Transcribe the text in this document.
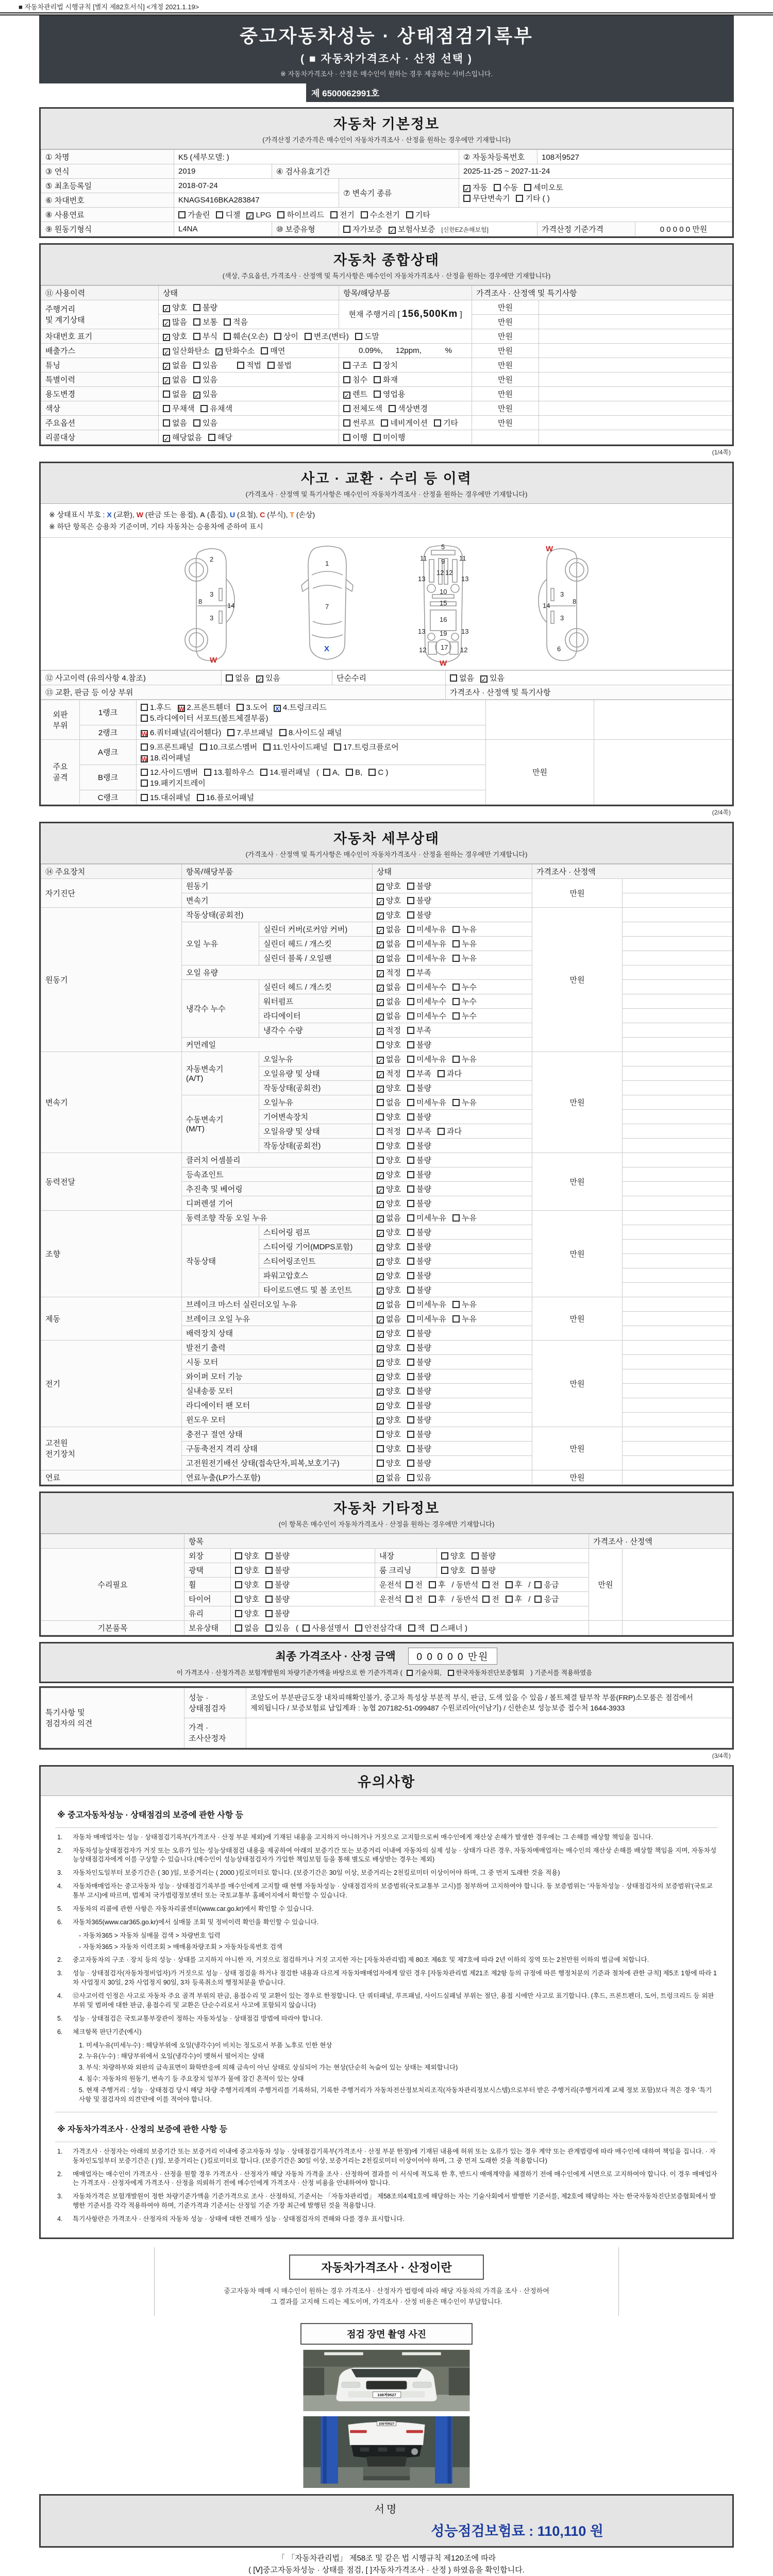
■ 자동차관리법 시행규칙 [별지 제82호서식] <개정 2021.1.19>
중고자동차성능 · 상태점검기록부
( ■ 자동차가격조사 · 산정 선택 )
※ 자동차가격조사 · 산정은 매수인이 원하는 경우 제공하는 서비스입니다.
제 6500062991호
자동차 기본정보
(가격산정 기준가격은 매수인이 자동차가격조사 · 산정을 원하는 경우에만 기재합니다)
① 차명	K5 (세부모델: )			② 자동차등록번호	108저9527	
③ 연식	2019	④ 검사유효기간		2025-11-25 ~ 2027-11-24		
⑤ 최초등록일	2018-07-24		⑦ 변속기 종류	✓ 자동 수동 세미오토
무단변속기 기타 ( )		
⑥ 차대번호	KNAGS416BKA283847					
⑧ 사용연료	가솔린 디젤 ✓ LPG 하이브리드 전기 수소전기 기타					
⑨ 원동기형식	L4NA	⑩ 보증유형	자가보증 ✓ 보험사보증 [신한EZ손해보험]		가격산정 기준가격	0 0 0 0 0 만원
자동차 종합상태
(색상, 주요옵션, 가격조사 · 산정액 및 특기사항은 매수인이 자동차가격조사 · 산정을 원하는 경우에만 기재합니다)
⑪ 사용이력	상태	항목/해당부품	가격조사 · 산정액 및 특기사항	
주행거리
및 계기상태	✓ 양호 불량	현재 주행거리 [ 156,500Km ]	만원	
	✓ 많음 보통 적음		만원	
차대번호 표기	✓ 양호 부식 훼손(오손) 상이 변조(변타) 도말		만원	
배출가스	✓ 일산화탄소 ✓ 탄화수소 매연	0.09%,      12ppm,           %	만원	
튜닝	✓ 없음 있음 적법 불법	구조 장치	만원	
특별이력	✓ 없음 있음	침수 화재	만원	
용도변경	없음 ✓ 있음	✓ 렌트 영업용	만원	
색상	무채색 유채색	전체도색 색상변경	만원	
주요옵션	없음 있음	썬루프 네비게이션 기타	만원	
리콜대상	✓ 해당없음 해당	이행 미이행		
(1/4쪽)
사고 · 교환 · 수리 등 이력
(가격조사 · 산정액 및 특기사항은 매수인이 자동차가격조사 · 산정을 원하는 경우에만 기재합니다)
※ 상태표시 부호 : X (교환), W (판금 또는 용접), A (흠집), U (요철), C (부식), T (손상)
※ 하단 항목은 승용차 기준이며, 기타 자동차는 승용차에 준하여 표시
2
8
3
3
14
W
1
7
X
5
11	11
13	13
12 12
9
10
15
16
19
13	13
12	12
17
W
W
3
8
14
3
6
⑫ 사고이력 (유의사항 4.참조)	없음 ✓ 있음	단순수리	없음 ✓ 있음
⑬ 교환, 판금 등 이상 부위			가격조사 · 산정액 및 특기사항
외판
부위	1랭크	1.후드 W 2.프론트휀더 3.도어 X 4.트렁크리드
5.라디에이터 서포트(볼트체결부품)		
	2랭크	W 6.쿼터패널(리어휀다) 7.루브패널 8.사이드실 패널		
주요
골격	A랭크	9.프론트패널 10.크로스멤버 11.인사이드패널 17.트렁크플로어
W 18.리어패널	만원	
	B랭크	12.사이드멤버 13.휠하우스 14.필러패널 ( A, B, C )
19.패키지트레이		
	C랭크	15.대쉬패널 16.플로어패널		
(2/4쪽)
자동차 세부상태
(가격조사 · 산정액 및 특기사항은 매수인이 자동차가격조사 · 산정을 원하는 경우에만 기재합니다)
⑭ 주요장치	항목/해당부품		상태	가격조사 · 산정액	
자기진단	원동기		✓ 양호 불량	만원	
	변속기		✓ 양호 불량		
원동기	작동상태(공회전)		✓ 양호 불량	만원	
	오일 누유	실린더 커버(로커암 커버)	✓ 없음 미세누유 누유		
		실린더 헤드 / 개스킷	✓ 없음 미세누유 누유		
		실린더 블록 / 오일팬	✓ 없음 미세누유 누유		
	오일 유량		✓ 적정 부족		
	냉각수 누수	실린더 헤드 / 개스킷	✓ 없음 미세누수 누수		
		워터펌프	✓ 없음 미세누수 누수		
		라디에이터	✓ 없음 미세누수 누수		
		냉각수 수량	✓ 적정 부족		
	커먼레일		양호 불량		
변속기	자동변속기
(A/T)	오일누유	✓ 없음 미세누유 누유	만원	
		오일유량 및 상태	✓ 적정 부족 과다		
		작동상태(공회전)	✓ 양호 불량		
	수동변속기
(M/T)	오일누유	없음 미세누유 누유		
		기어변속장치	양호 불량		
		오일유량 및 상태	적정 부족 과다		
		작동상태(공회전)	양호 불량		
동력전달	클러치 어셈블리		양호 불량	만원	
	등속죠인트		✓ 양호 불량		
	추진축 및 베어링		✓ 양호 불량		
	디퍼렌셜 기어		✓ 양호 불량		
조향	동력조향 작동 오일 누유		✓ 없음 미세누유 누유	만원	
	작동상태	스티어링 펌프	✓ 양호 불량		
		스티어링 기어(MDPS포함)	✓ 양호 불량		
		스티어링조인트	✓ 양호 불량		
		파워고압호스	✓ 양호 불량		
		타이로드엔드 및 볼 조인트	✓ 양호 불량		
제동	브레이크 마스터 실린더오일 누유		✓ 없음 미세누유 누유	만원	
	브레이크 오일 누유		✓ 없음 미세누유 누유		
	배력장치 상태		✓ 양호 불량		
전기	발전기 출력		✓ 양호 불량	만원	
	시동 모터		✓ 양호 불량		
	와이퍼 모터 기능		✓ 양호 불량		
	실내송풍 모터		✓ 양호 불량		
	라디에이터 팬 모터		✓ 양호 불량		
	윈도우 모터		✓ 양호 불량		
고전원
전기장치	충전구 절연 상태		양호 불량	만원	
	구동축전지 격리 상태		양호 불량		
	고전원전기배선 상태(접속단자,피복,보호기구)		양호 불량		
연료	연료누출(LP가스포함)		✓ 없음 있음	만원	
자동차 기타정보
(이 항목은 매수인이 자동차가격조사 · 산정을 원하는 경우에만 기재합니다)
	항목				가격조사 · 산정액	
수리필요	외장	양호 불량	내장	양호 불량	만원	
	광택	양호 불량	룸 크리닝	양호 불량		
	휠	양호 불량	운전석 전 후 / 동반석 전 후 / 응급			
	타이어	양호 불량	운전석 전 후 / 동반석 전 후 / 응급			
	유리	양호 불량				
기본품목	보유상태	없음 있음 ( 사용설명서 안전삼각대 잭 스패너 )				
최종 가격조사 · 산정 금액 0 0 0 0 0 만원
이 가격조사 · 산정가격은 보험개발원의 차량기준가액을 바탕으로 한 기준가격과 ( 기술사회, 한국자동차진단보증협회 ) 기준서를 적용하였음
특기사항 및
점검자의 의견	성능 · 상태점검자	조앞도어 부분판금도장 내차피해확인불가, 중고차 특성상 부분적 부식, 판금, 도색 있을 수 있음 / 볼트체결 탈부착 부품(FRP)소모품은 점검에서 제외됩니다 / 보증보험료 납입계좌 : 농협 207182-51-099487 수원코리아(이남기) / 신한손보 성능보증 접수처 1644-3933
	가격 · 조사산정자	
(3/4쪽)
유의사항
※ 중고자동차성능 · 상태점검의 보증에 관한 사항 등
1.	자동차 매매업자는 성능 · 상태점검기록부(가격조사 · 산정 부분 제외)에 기재된 내용을 고지하지 아니하거나 거짓으로 고지함으로써 매수인에게 재산상 손해가 발생한 경우에는 그 손해를 배상할 책임을 집니다.
2.	자동차성능상태점검자가 거짓 또는 오류가 있는 성능상태점검 내용을 제공하여 아래의 보증기간 또는 보증거리 이내에 자동차의 실제 성능 · 상태가 다른 경우, 자동차매매업자는 매수인의 재산상 손해를 배상할 책임을 지며, 자동차성능상태점검자에게 이를 구상할 수 있습니다.(매수인이 성능상태점검자가 가입한 책임보험 등을 통해 별도로 배상받는 경우는 제외)
3.	자동차인도일부터 보증기간은 ( 30 )일, 보증거리는 ( 2000 )킬로미터로 합니다. (보증기간은 30일 이상, 보증거리는 2천킬로미터 이상이어야 하며, 그 중 먼저 도래한 것을 적용)
4.	자동차매매업자는 중고자동차 성능 · 상태점검기록부를 매수인에게 고지할 때 현행 자동차성능 · 상태점검자의 보증범위(국토교통부 고시)를 첨부하여 고지하여야 합니다. 동 보증범위는 '자동차성능 · 상태점검자의 보증범위'(국토교통부 고시)에 따르며, 법제처 국가법령정보센터 또는 국토교통부 홈페이지에서 확인할 수 있습니다.
5.	자동차의 리콜에 관한 사항은 자동차리콜센터(www.car.go.kr)에서 확인할 수 있습니다.
6.	자동차365(www.car365.go.kr)에서 실매물 조회 및 정비이력 확인을 확인할 수 있습니다.
- 자동차365 > 자동차 실매물 검색 > 차량번호 입력
- 자동차365 > 자동차 이력조회 > 매매용차량조회 > 자동차등록번호 검색
2.	중고자동차의 구조 · 장치 등의 성능 · 상태를 고지하지 아니한 자, 거짓으로 점검하거나 거짓 고지한 자는 [자동차관리법] 제 80조 제6호 및 제7호에 따라 2년 이하의 징역 또는 2천만원 이하의 벌금에 처합니다.
3.	성능 · 상태점검자(자동차정비업자)가 거짓으로 성능 · 상태 점검을 하거나 점검한 내용과 다르게 자동차매매업자에게 알린 경우 [자동차관리법 제21조 제2항 등의 규정에 따른 행정처분의 기준과 절차에 관한 규칙] 제5조 1항에 따라 1차 사업정지 30일, 2차 사업정지 90일, 3차 등록취소의 행정처분을 받습니다.
4.	⑫사고이력 인정은 사고로 자동차 주요 골격 부위의 판금, 용접수리 및 교환이 있는 경우로 한정합니다. 단 쿼터패널, 루프패널, 사이드실패널 부위는 절단, 용접 시에만 사고로 표기합니다. (후드, 프론트펜더, 도어, 트렁크리드 등 외판 부위 및 범퍼에 대한 판금, 용접수리 및 교환은 단순수리로서 사고에 포함되지 않습니다)
5.	성능 · 상태점검은 국토교통부장관이 정하는 자동차성능 · 상태점검 방법에 따라야 합니다.
6.	체크항목 판단기준(예시)
1. 미세누유(미세누수) : 해당부위에 오일(냉각수)이 비치는 정도로서 부품 노후로 인한 현상
2. 누유(누수) : 해당부위에서 오일(냉각수)이 맺혀서 떨어지는 상태
3. 부식: 차량하부와 외판의 금속표면이 화학반응에 의해 금속이 아닌 상태로 상실되어 가는 현상(단순히 녹슬어 있는 상태는 제외합니다)
4. 침수: 자동차의 원동기, 변속기 등 주요장치 일부가 물에 잠긴 흔적이 있는 상태
5. 현재 주행거리 : 성능 · 상태점검 당시 해당 차량 주행거리계의 주행거리를 기록하되, 기록한 주행거리가 자동차전산정보처리조직(자동차관리정보시스템)으로부터 받은 주행거리(주행거리계 교체 정보 포함)보다 적은 경우 '특기사항 및 점검자의 의견'란에 이를 적어야 합니다.
※ 자동차가격조사 · 산정의 보증에 관한 사항 등
1.	가격조사 · 산정자는 아래의 보증기간 또는 보증거리 이내에 중고자동차 성능 · 상태점검기록부(가격조사 · 산정 부분 한정)에 기재된 내용에 허위 또는 오류가 있는 경우 계약 또는 관계법령에 따라 매수인에 대하여 책임을 집니다. · 자동차인도일부터 보증기간은 ( )일, 보증거리는 ( )킬로미터로 합니다. (보증기간은 30일 이상, 보증거리는 2천킬로미터 이상이어야 하며, 그 중 먼저 도래한 것을 적용합니다)
2.	매매업자는 매수인이 가격조사 · 산정을 원할 경우 가격조사 · 산정자가 해당 자동차 가격을 조사 · 산정하여 결과를 이 서식에 적도록 한 후, 반드시 매매계약을 체결하기 전에 매수인에게 서면으로 고지하여야 합니다. 이 경우 매매업자는 가격조사 · 산정자에게 가격조사 · 산정을 의뢰하기 전에 매수인에게 가격조사 · 산정 비용을 안내하여야 합니다.
3.	자동차가격은 보험개발원이 정한 차량기준가액을 기준가격으로 조사 · 산정하되, 기준서는 「자동차관리법」 제58조의4제1호에 해당하는 자는 기술사회에서 발행한 기준서를, 제2호에 해당하는 자는 한국자동차진단보증협회에서 발행한 기준서를 각각 적용하여야 하며, 기준가격과 기준서는 산정일 기준 가장 최근에 발행된 것을 적용합니다.
4.	특기사항란은 가격조사 · 산정자의 자동차 성능 · 상태에 대한 견해가 성능 · 상태점검자의 견해와 다를 경우 표시합니다.
자동차가격조사 · 산정이란
중고자동차 매매 시 매수인이 원하는 경우 가격조사 · 산정자가 법령에 따라 해당 자동차의 가격을 조사 · 산정하여
그 결과를 고지해 드리는 제도이며, 가격조사 · 산정 비용은 매수인이 부담합니다.
점검 장면 촬영 사진
108저9527
108저9527
서명
성능점검보험료 : 110,110 원
「 「자동차관리법」 제58조 및 같은 법 시행규칙 제120조에 따라
( [Ⅴ]중고자동차성능 · 상태를 점검, [ ]자동차가격조사 · 산정 ) 하였음을 확인합니다.
